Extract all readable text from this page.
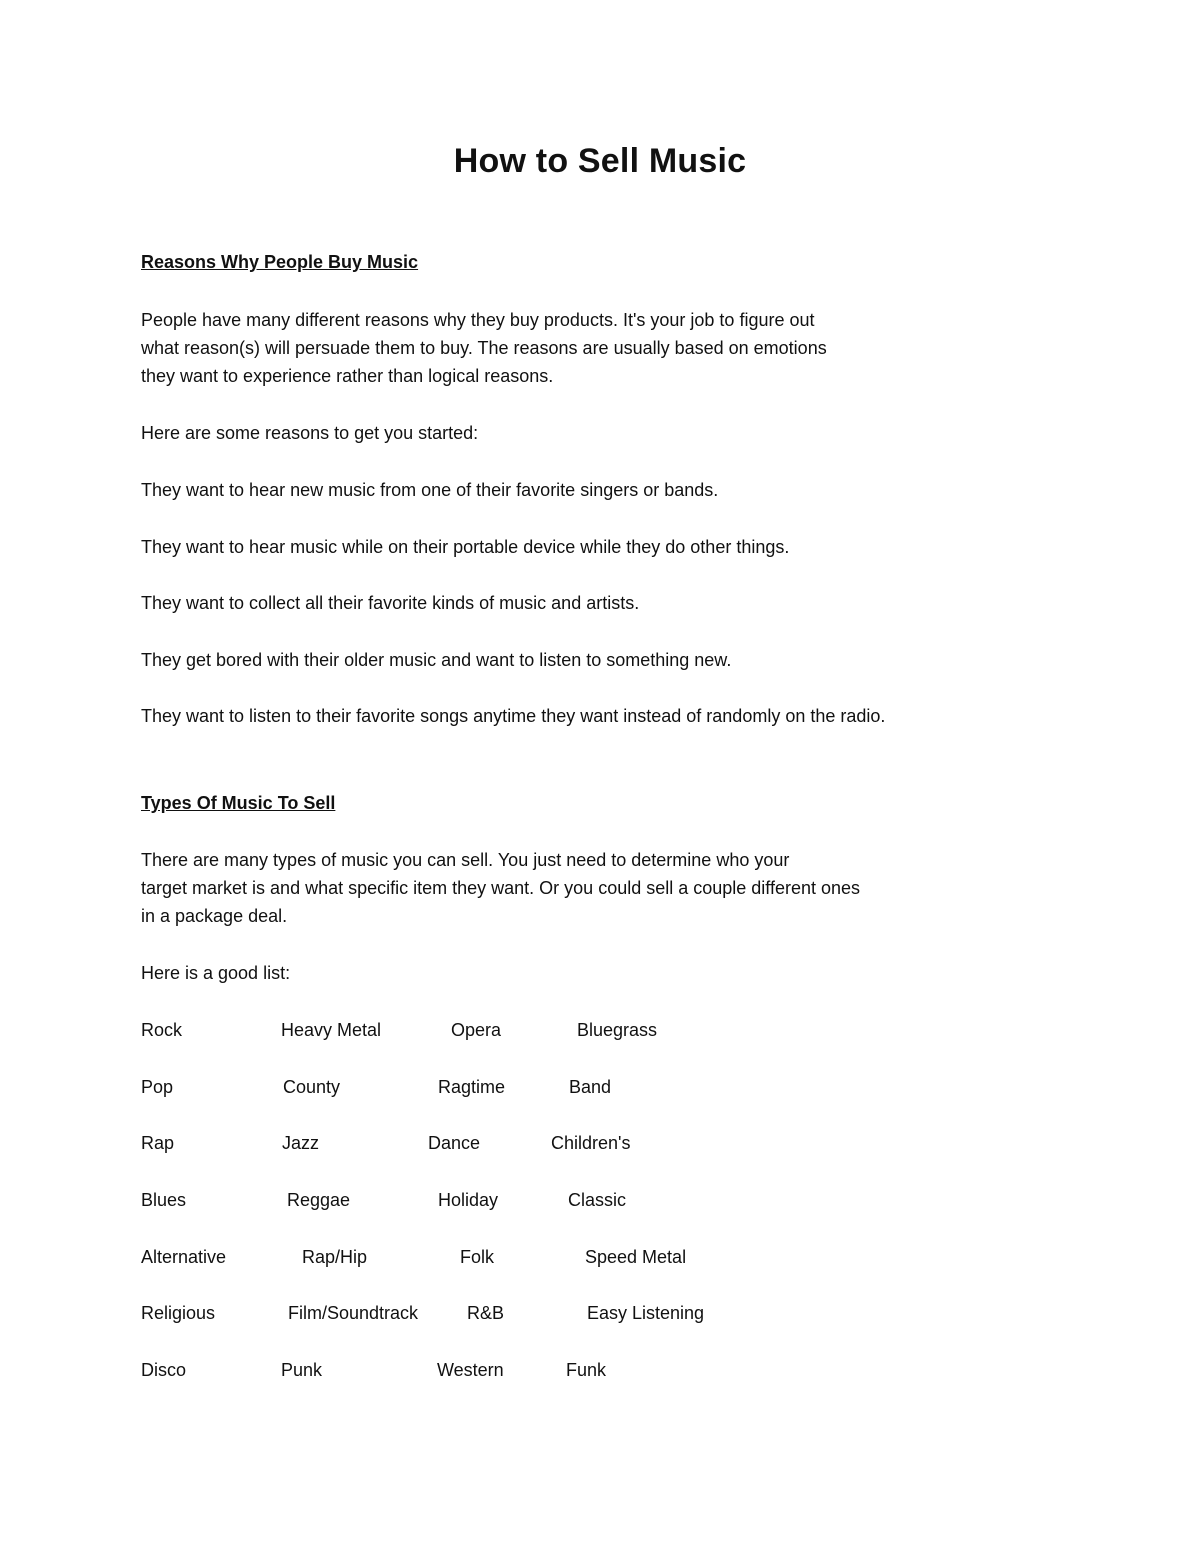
How to Sell Music
Reasons Why People Buy Music
People have many different reasons why they buy products. It's your job to figure out
what reason(s) will persuade them to buy. The reasons are usually based on emotions
they want to experience rather than logical reasons.
Here are some reasons to get you started:
They want to hear new music from one of their favorite singers or bands.
They want to hear music while on their portable device while they do other things.
They want to collect all their favorite kinds of music and artists.
They get bored with their older music and want to listen to something new.
They want to listen to their favorite songs anytime they want instead of randomly on the radio.
Types Of Music To Sell
There are many types of music you can sell. You just need to determine who your
target market is and what specific item they want. Or you could sell a couple different ones
in a package deal.
Here is a good list:
Rock	Heavy Metal	Opera	Bluegrass
Pop	County	Ragtime	Band
Rap	Jazz	Dance	Children's
Blues	Reggae	Holiday	Classic
Alternative	Rap/Hip	Folk	Speed Metal
Religious	Film/Soundtrack	R&B	Easy Listening
Disco	Punk	Western	Funk
